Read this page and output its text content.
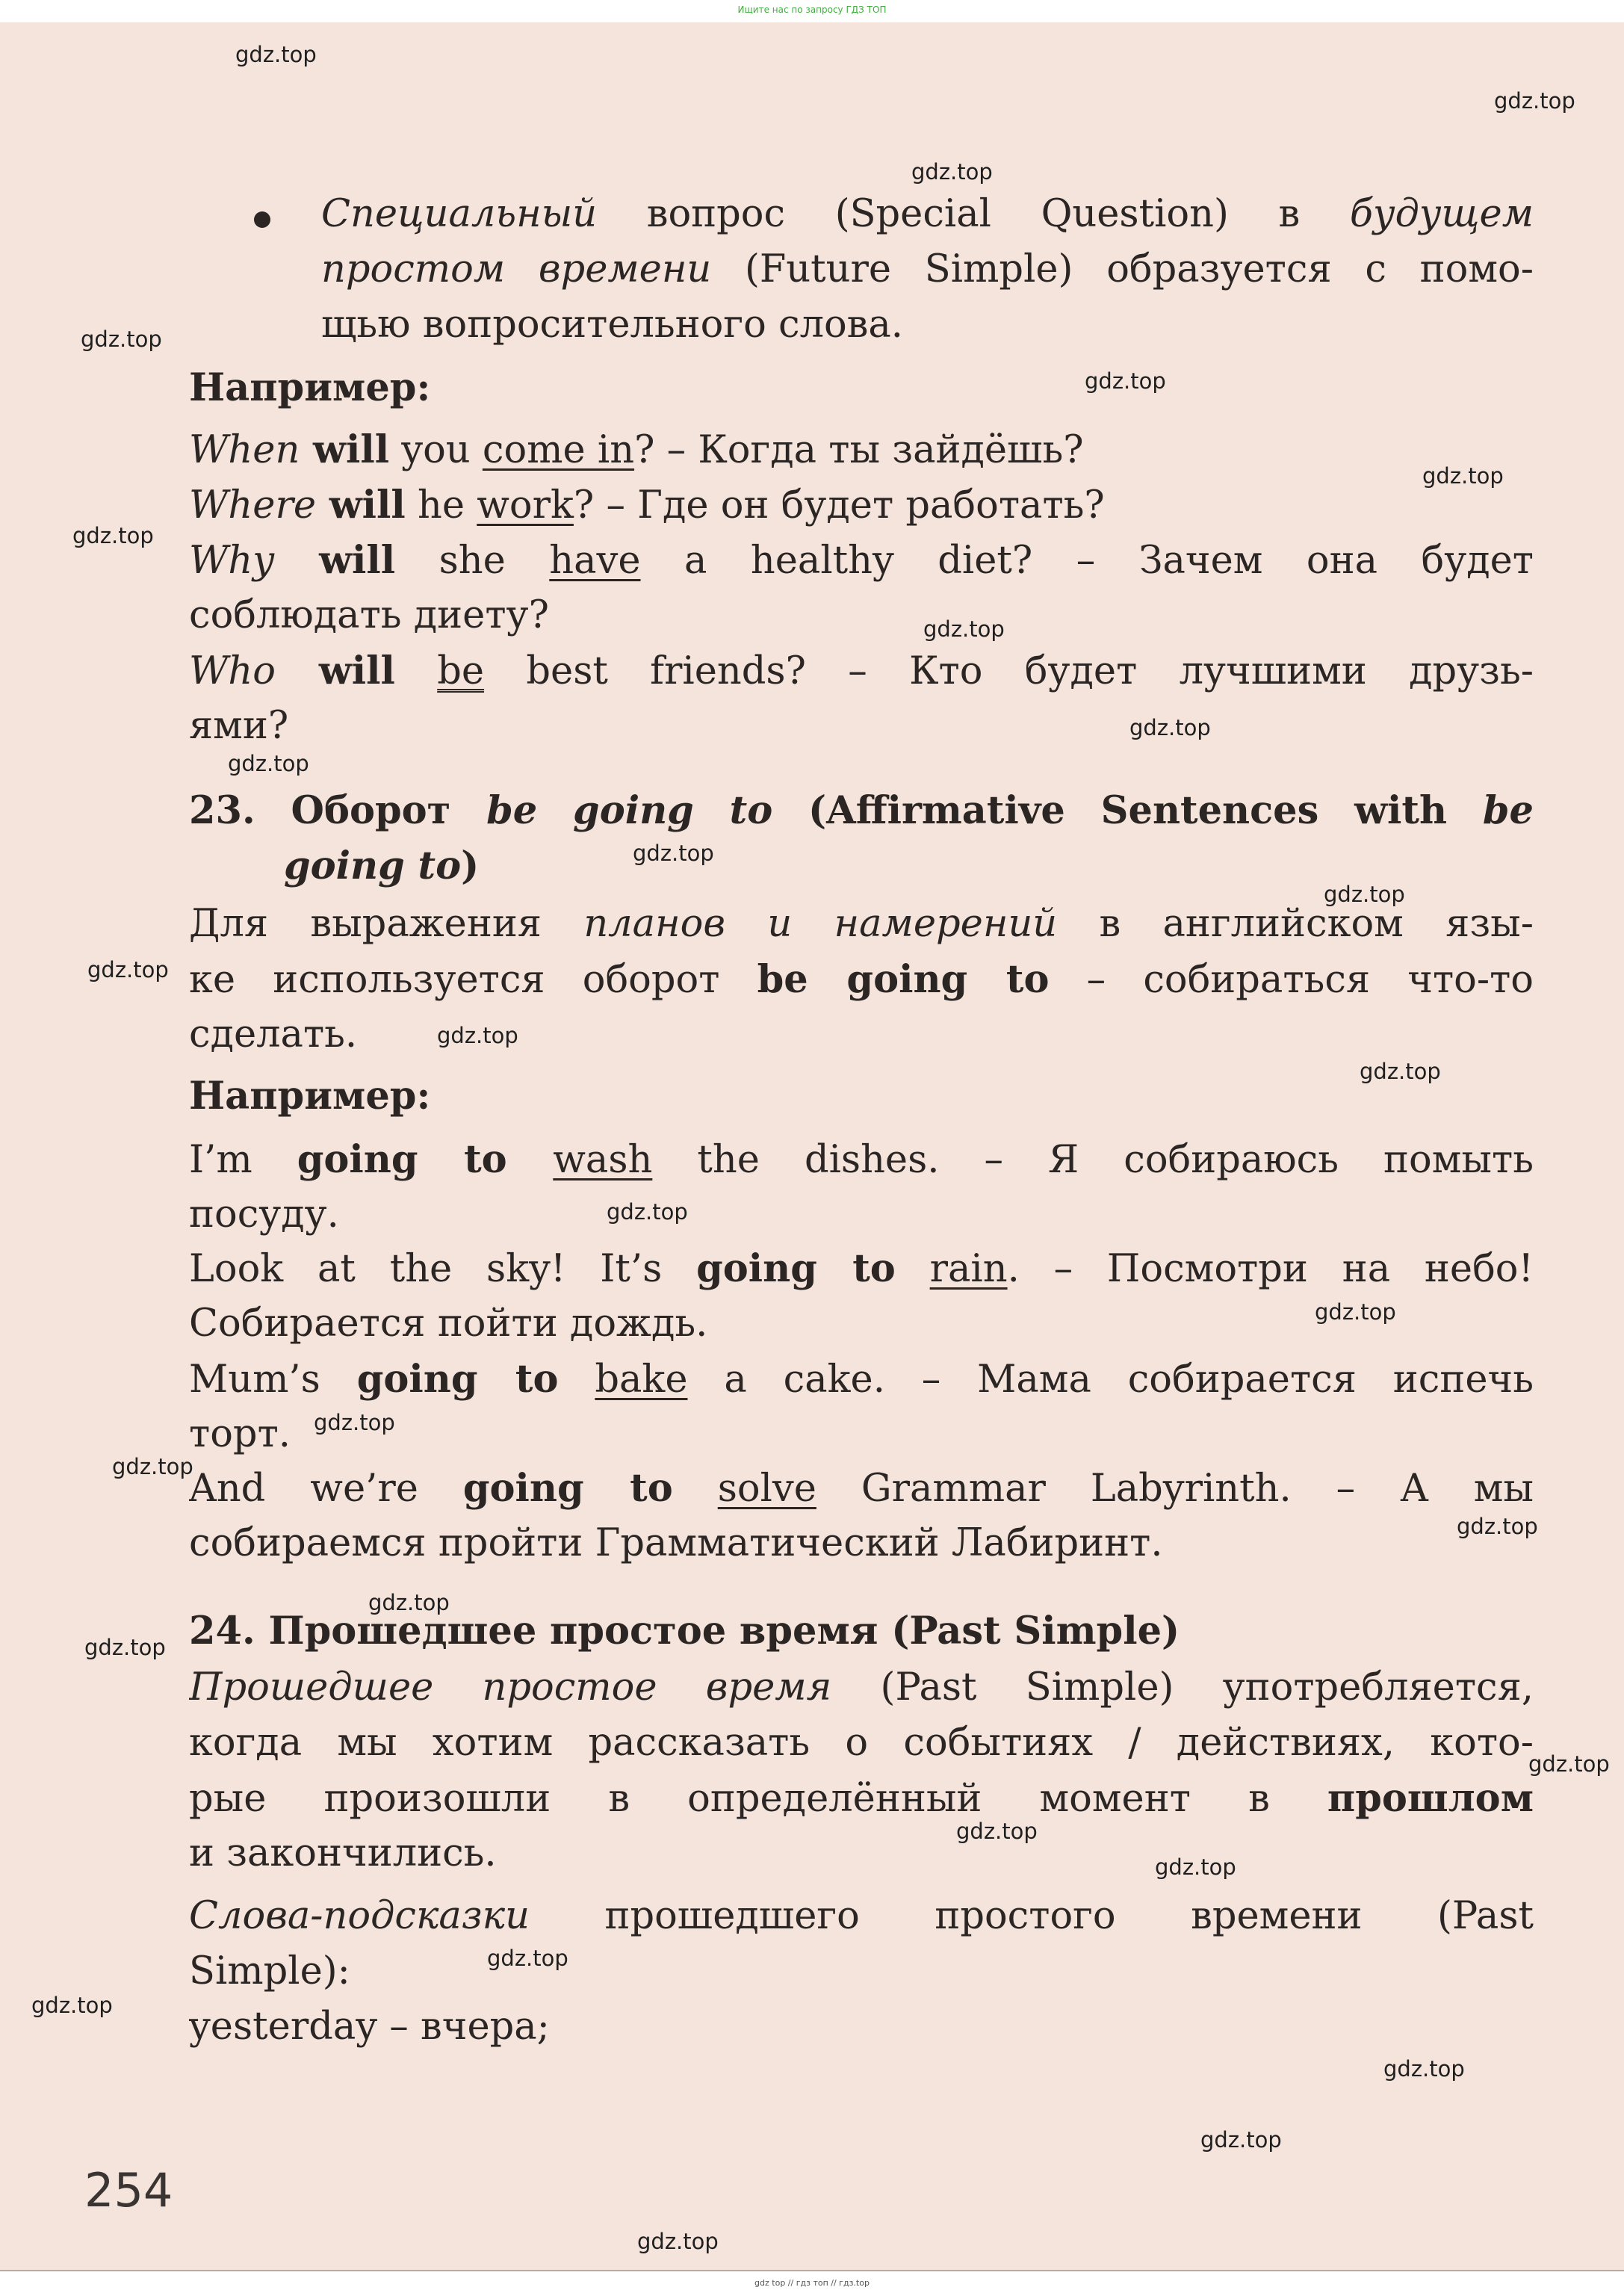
Ищите нас по запросу ГДЗ ТОП
Специальный вопрос (Special Question) в будущем
простом времени (Future Simple) образуется с помо-
щью вопросительного слова.
Например:
When will you come in? – Когда ты зайдёшь?
Where will he work? – Где он будет работать?
Why will she have a healthy diet? – Зачем она будет
соблюдать диету?
Who will be best friends? – Кто будет лучшими друзь-
ями?
23. Оборот be going to (Affirmative Sentences with be
going to)
Для выражения планов и намерений в английском язы-
ке используется оборот be going to – собираться что-то
сделать.
Например:
I’m going to wash the dishes. – Я собираюсь помыть
посуду.
Look at the sky! It’s going to rain. – Посмотри на небо!
Собирается пойти дождь.
Mum’s going to bake a cake. – Мама собирается испечь
торт.
And we’re going to solve Grammar Labyrinth. – А мы
собираемся пройти Грамматический Лабиринт.
24. Прошедшее простое время (Past Simple)
Прошедшее простое время (Past Simple) употребляется,
когда мы хотим рассказать о событиях / действиях, кото-
рые произошли в определённый момент в прошлом
и закончились.
Слова-подсказки прошедшего простого времени (Past
Simple):
yesterday – вчера;
254
gdz.top
gdz.top
gdz.top
gdz.top
gdz.top
gdz.top
gdz.top
gdz.top
gdz.top
gdz.top
gdz.top
gdz.top
gdz.top
gdz.top
gdz.top
gdz.top
gdz.top
gdz.top
gdz.top
gdz.top
gdz.top
gdz.top
gdz.top
gdz.top
gdz.top
gdz.top
gdz.top
gdz.top
gdz.top
gdz.top
gdz top // гдз топ // гдз.top
